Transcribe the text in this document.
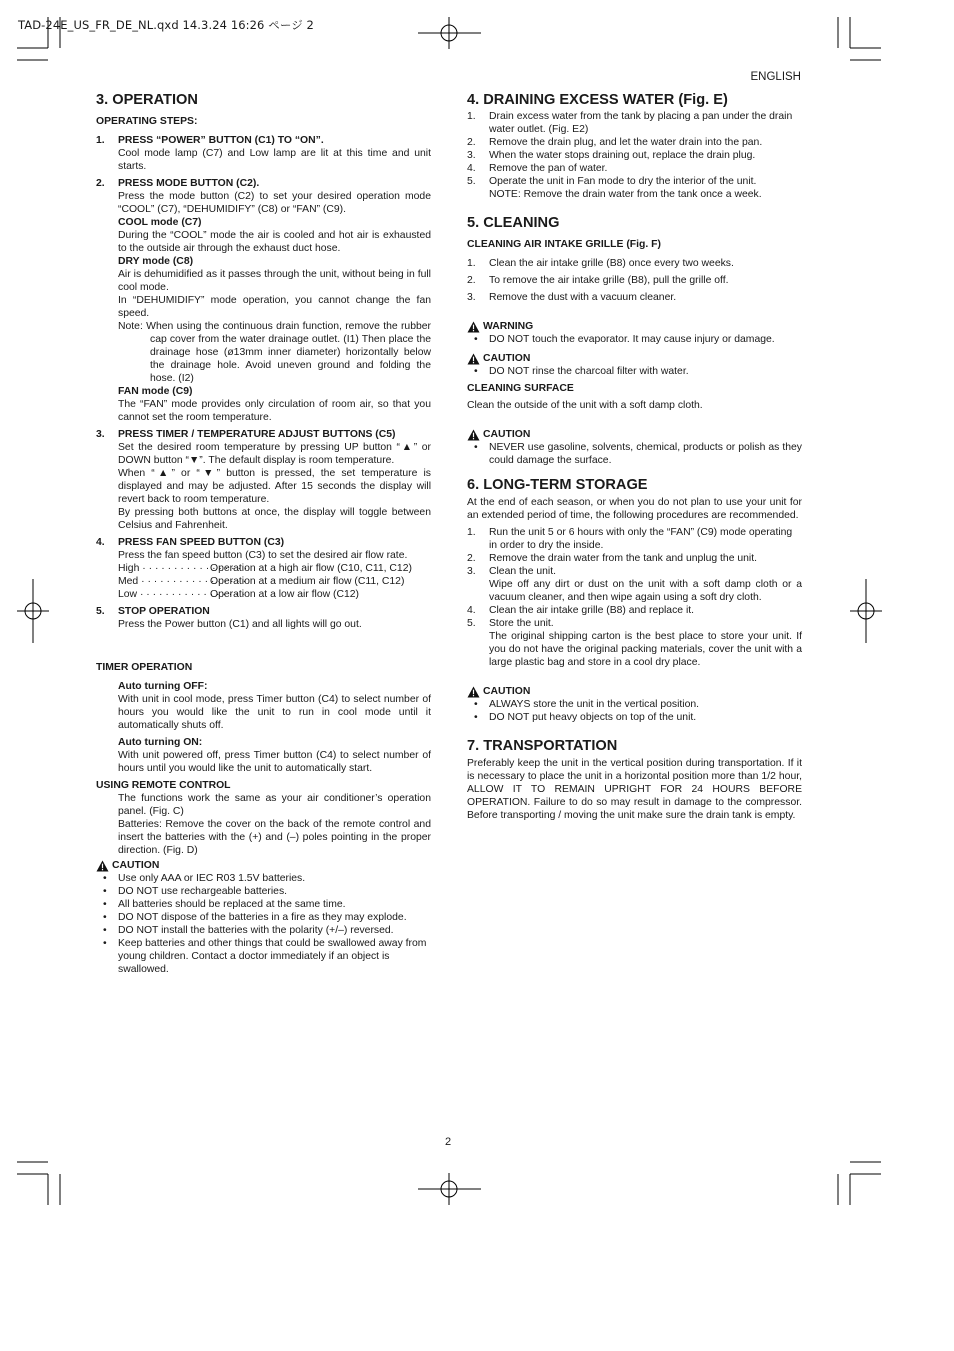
TAD-24E_US_FR_DE_NL.qxd 14.3.24 16:26 ページ 2
ENGLISH
2
3. OPERATION
OPERATING STEPS:
1. PRESS “POWER” BUTTON (C1) TO “ON”.

Cool mode lamp (C7) and Low lamp are lit at this time and unit starts.

2. PRESS MODE BUTTON (C2).

Press the mode button (C2) to set your desired operation mode “COOL” (C7), “DEHUMIDIFY” (C8) or “FAN” (C9).

COOL mode (C7)

During the “COOL” mode the air is cooled and hot air is exhausted to the outside air through the exhaust duct hose.

DRY mode (C8)

Air is dehumidified as it passes through the unit, without being in full cool mode.

In “DEHUMIDIFY” mode operation, you cannot change the fan speed.

Note: When using the continuous drain function, remove the rubber cap cover from the water drainage outlet. (I1) Then place the drainage hose (ø13mm inner diameter) horizontally below the drainage hole. Avoid uneven ground and folding the hose. (I2)

FAN mode (C9)

The “FAN” mode provides only circulation of room air, so that you cannot set the room temperature.

3. PRESS TIMER / TEMPERATURE ADJUST BUTTONS (C5)

Set the desired room temperature by pressing UP button “▲” or DOWN button “▼”. The default display is room temperature.

When “▲” or “▼” button is pressed, the set temperature is displayed and may be adjusted. After 15 seconds the display will revert back to room temperature.

By pressing both buttons at once, the display will toggle between Celsius and Fahrenheit.

4. PRESS FAN SPEED BUTTON (C3)

Press the fan speed button (C3) to set the desired air flow rate.

High · · · · · · · · · · · · · · · · ·
Operation at a high air flow (C10, C11, C12)
Med · · · · · · · · · · · · · · · · ·
Operation at a medium air flow (C11, C12)
Low · · · · · · · · · · · · · · · · ·
Operation at a low air flow (C12)
5. STOP OPERATION

Press the Power button (C1) and all lights will go out.

TIMER OPERATION
Auto turning OFF:

With unit in cool mode, press Timer button (C4) to select number of hours you would like the unit to run in cool mode until it automatically shuts off.

Auto turning ON:

With unit powered off, press Timer button (C4) to select number of hours until you would like the unit to automatically start.

USING REMOTE CONTROL

The functions work the same as your air conditioner’s operation panel. (Fig. C)

Batteries: Remove the cover on the back of the remote control and insert the batteries with the (+) and (–) poles pointing in the proper direction. (Fig. D)

CAUTION
• Use only AAA or IEC R03 1.5V batteries.
• DO NOT use rechargeable batteries.
• All batteries should be replaced at the same time.
• DO NOT dispose of the batteries in a fire as they may explode.
• DO NOT install the batteries with the polarity (+/–) reversed.
• Keep batteries and other things that could be swallowed away from young children. Contact a doctor immediately if an object is swallowed.
4. DRAINING EXCESS WATER (Fig. E)
1. Drain excess water from the tank by placing a pan under the drain water outlet. (Fig. E2)
2. Remove the drain plug, and let the water drain into the pan.
3. When the water stops draining out, replace the drain plug.
4. Remove the pan of water.
5. Operate the unit in Fan mode to dry the interior of the unit.

NOTE: Remove the drain water from the tank once a week.

5. CLEANING
CLEANING AIR INTAKE GRILLE (Fig. F)
1. Clean the air intake grille (B8) once every two weeks.
2. To remove the air intake grille (B8), pull the grille off.
3. Remove the dust with a vacuum cleaner.
WARNING
• DO NOT touch the evaporator. It may cause injury or damage.
CAUTION
• DO NOT rinse the charcoal filter with water.
CLEANING SURFACE

Clean the outside of the unit with a soft damp cloth.

CAUTION
• NEVER use gasoline, solvents, chemical, products or polish as they could damage the surface.
6. LONG-TERM STORAGE

At the end of each season, or when you do not plan to use your unit for an extended period of time, the following procedures are recommended.

1. Run the unit 5 or 6 hours with only the “FAN” (C9) mode operating in order to dry the inside.
2. Remove the drain water from the tank and unplug the unit.
3. Clean the unit.
Wipe off any dirt or dust on the unit with a soft damp cloth or a vacuum cleaner, and then wipe again using a soft dry cloth.
4. Clean the air intake grille (B8) and replace it.
5. Store the unit.
The original shipping carton is the best place to store your unit. If you do not have the original packing materials, cover the unit with a large plastic bag and store in a cool dry place.
CAUTION
• ALWAYS store the unit in the vertical position.
• DO NOT put heavy objects on top of the unit.
7. TRANSPORTATION

Preferably keep the unit in the vertical position during transportation. If it is necessary to place the unit in a horizontal position more than 1/2 hour, ALLOW IT TO REMAIN UPRIGHT FOR 24 HOURS BEFORE OPERATION. Failure to do so may result in damage to the compressor. Before transporting / moving the unit make sure the drain tank is empty.
